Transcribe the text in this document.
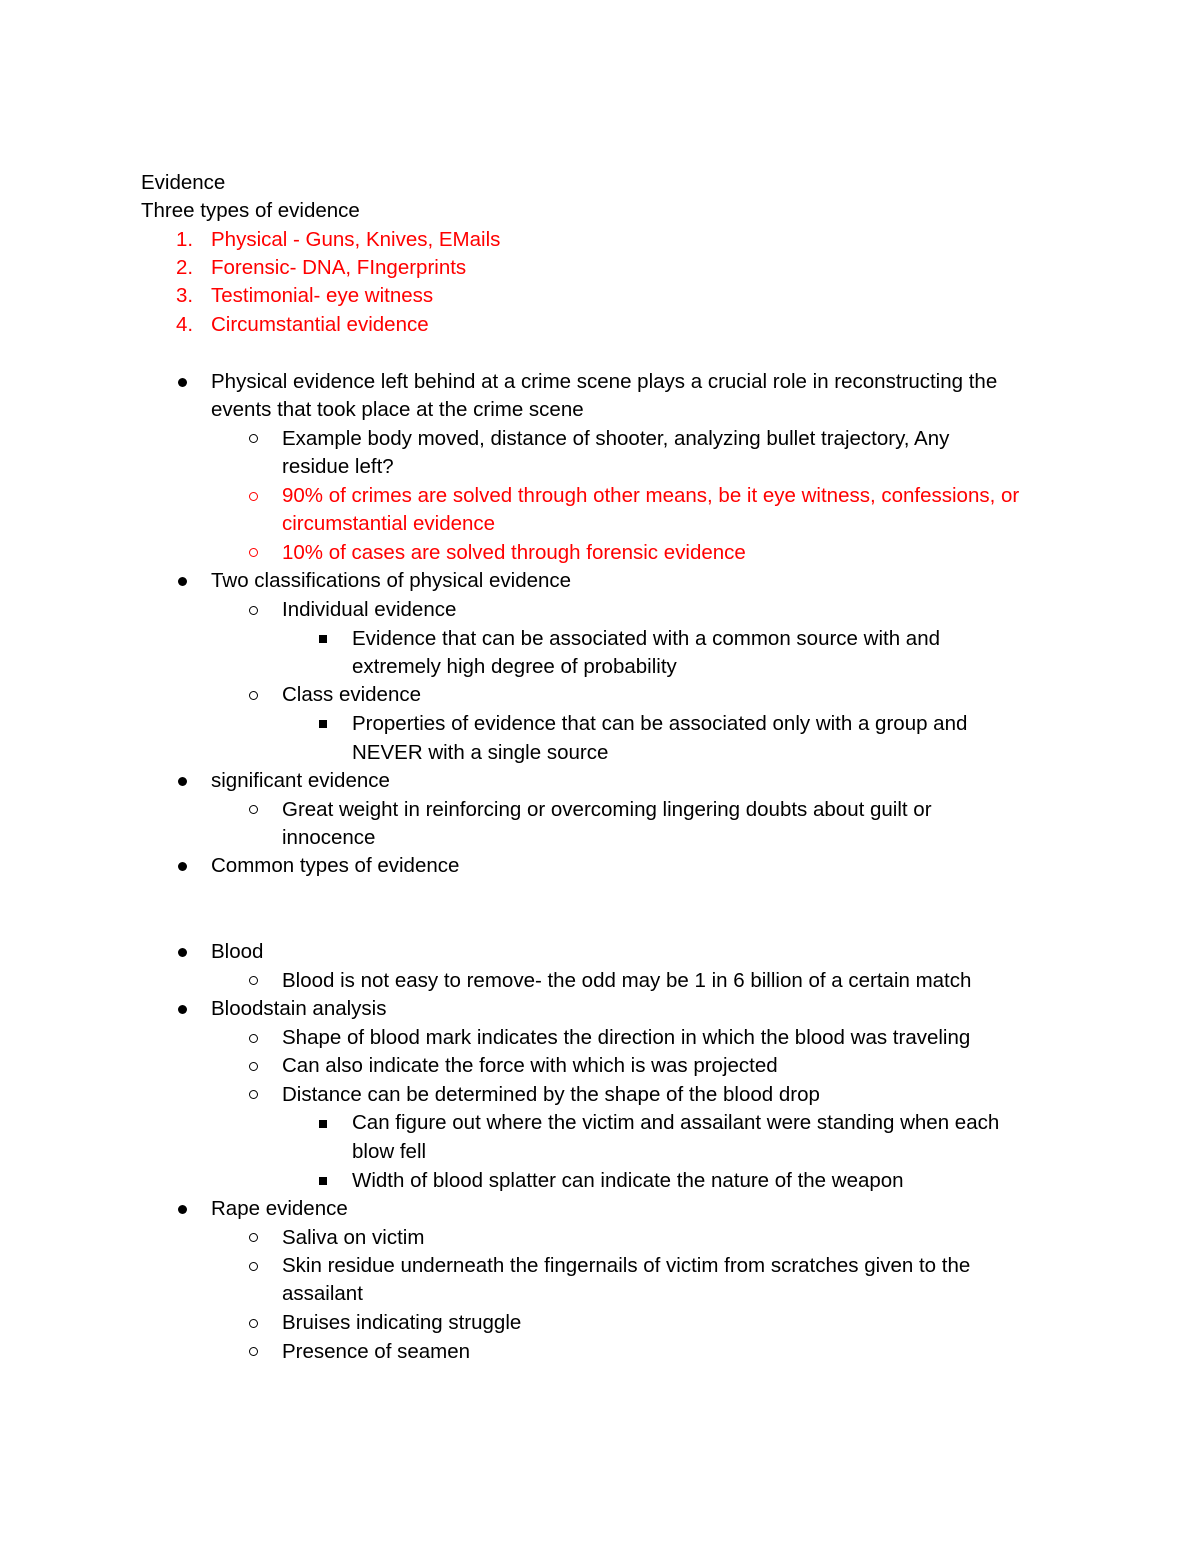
Evidence
Three types of evidence
1. Physical - Guns, Knives, EMails
2. Forensic- DNA, FIngerprints
3. Testimonial- eye witness
4. Circumstantial evidence
Physical evidence left behind at a crime scene plays a crucial role in reconstructing the
events that took place at the crime scene
Example body moved, distance of shooter, analyzing bullet trajectory, Any
residue left?
90% of crimes are solved through other means, be it eye witness, confessions, or
circumstantial evidence
10% of cases are solved through forensic evidence
Two classifications of physical evidence
Individual evidence
Evidence that can be associated with a common source with and
extremely high degree of probability
Class evidence
Properties of evidence that can be associated only with a group and
NEVER with a single source
significant evidence
Great weight in reinforcing or overcoming lingering doubts about guilt or
innocence
Common types of evidence
Blood
Blood is not easy to remove- the odd may be 1 in 6 billion of a certain match
Bloodstain analysis
Shape of blood mark indicates the direction in which the blood was traveling
Can also indicate the force with which is was projected
Distance can be determined by the shape of the blood drop
Can figure out where the victim and assailant were standing when each
blow fell
Width of blood splatter can indicate the nature of the weapon
Rape evidence
Saliva on victim
Skin residue underneath the fingernails of victim from scratches given to the
assailant
Bruises indicating struggle
Presence of seamen
